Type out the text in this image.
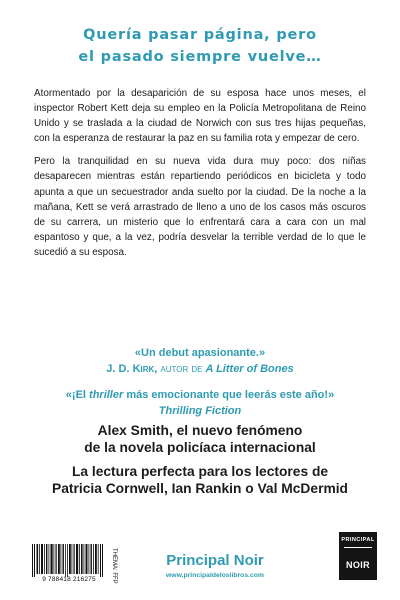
Quería pasar página, pero
el pasado siempre vuelve…

Atormentado por la desaparición de su esposa hace unos meses, el inspector Robert Kett deja su empleo en la Policía Metropolitana de Reino Unido y se traslada a la ciudad de Norwich con sus tres hijas pequeñas, con la esperanza de restaurar la paz en su familia rota y empezar de cero.

Pero la tranquilidad en su nueva vida dura muy poco: dos niñas desaparecen mientras están repartiendo periódicos en bicicleta y todo apunta a que un secuestrador anda suelto por la ciudad. De la noche a la mañana, Kett se verá arrastrado de lleno a uno de los casos más oscuros de su carrera, un misterio que lo enfrentará cara a cara con un mal espantoso y que, a la vez, podría desvelar la terrible verdad de lo que le sucedió a su esposa.

«Un debut apasionante.»
J. D. Kirk, autor de A Litter of Bones
«¡El thriller más emocionante que leerás este año!»
Thrilling Fiction
Alex Smith, el nuevo fenómeno
de la novela policíaca internacional
La lectura perfecta para los lectores de
Patricia Cornwell, Ian Rankin o Val McDermid
9 788418 216275	THEMA: FFP	Principal Noir
www.principaldeloslibros.com
PRINCIPAL
NOIR
